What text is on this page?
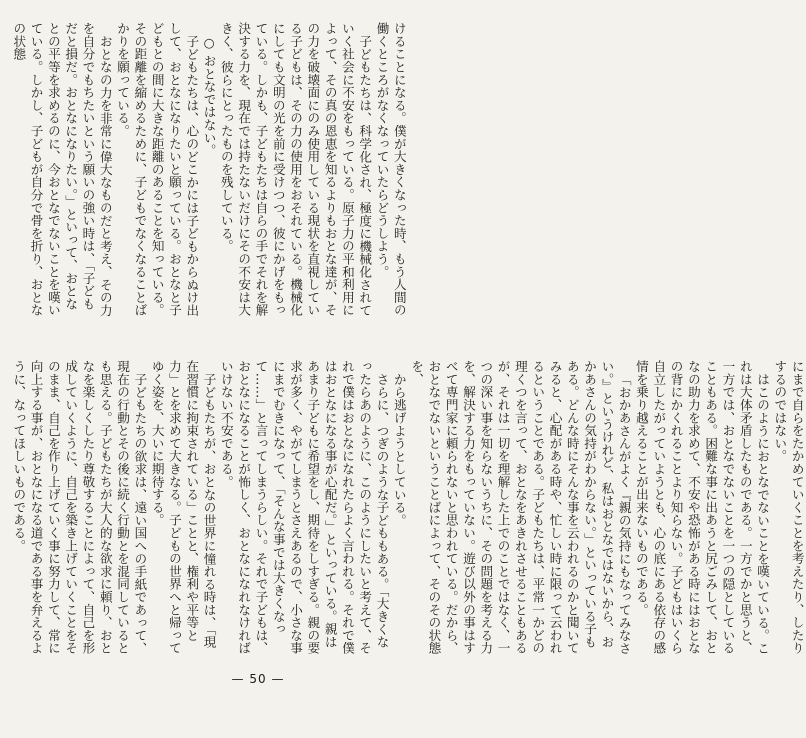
けることになる。僕が大きくなった時、もう人間の働くところがなくなっていたらどうしよう。

子どもたちは、科学化され、極度に機械化されていく社会に不安をもっている。原子力の平和利用によって、その真の恩恵を知るよりもおとな達が、その力を破壊面にのみ使用している現状を直視している子どもは、その力の使用をおそれている。機械化にしても文明の光を前に受けつつ、彼にかげをもっている。しかも、子どもたちは自らの手でそれを解決する力を、現在では持たないだけにその不安は大きく、彼らにとったものを残している。

○ おとなではない。

子どもたちは、心のどこかには子どもからぬけ出して、おとなになりたいと願っている。おとなと子どもとの間に大きな距離のあることを知っている。その距離を縮めるために、子どもでなくなることばかりを願っている。

おとなの力を非常に偉大なものだと考え、その力を自分でもちたいという願いの強い時は、「子どもだと損だ。おとなになりたい。」といって、おとなとの平等を求めるのに、今おとなでないことを嘆いている。しかし、子どもが自分で骨を折り、おとなの状態

にまで自らをたかめていくことを考えたり、したりするのではない。

はこのようにおとなでないことを嘆いている。これは大体矛盾したものである。一方でかと思うと、一方では、おとなでないことを一つの隠としていることもある。困難な事に出あうと尻ごみして、おとなの助力を求めて、不安や恐怖がある時にはおとなの背にかくれることより知らない。子どもはいくら自立したがっていようとも、心の底にある依存の感情を乗り越えることが出来ないものである。

「おかあさんがよく『親の気持にもなってみなさい。』というけれど、私はおとなではないから、おかあさんの気持がわからない。」といっている子もある。どんな時にそんな事を云われるのかと聞いてみると、心配がある時や、忙しい時に限って云われるということである。子どもたちは、平常一かどの理くつを言って、おとなをあきれさせることもあるが、それは一切を理解した上でのことではなく、一つの深い事を知らないうちに、その問題を考える力を、解決する力をもっていない。遊び以外の事はすべて専門家に頼られないと思われている。だから、おとなでないということばによって、そのその状態を、

から逃げようとしている。

さらに、つぎのような子どももある。「大きくなったらあのように、このようにしたいと考えて、それで僕はおとなになれたらよく言われる。それで僕はおとなになる事が心配だ。」といっている。親はあまり子どもに希望をし、期待をしすぎる。親の要求が多く、やがてしまうとさえあるので、小さな事にまでむきになって、「そんな事では大きくなって……」と言ってしまうらしい。それで子どもは、おとなになることが怖しく、おとなになれなければいけない不安である。

子どもたちが、おとなの世界に憧れる時は、「現在習慣に拘束されている」ことと、権利や平等と力」とを求めて大きなる。子どもの世界へと帰ってゆく姿を、大いに期待する。

子どもたちの欲求は、遠い国への手紙であって、現在の行動とその後に続く行動とを混同しているとも思える。子どもたちが大人的な欲求に頼り、おとなを楽しくしたり尊敬することによって、自己を形成していくように、自己を築き上げていくことをそのまま、自己を作り上げていく事に努力して、常に向上する事が、おとなになる道である事を弁えるように、なってほしいものである。

— 50 —
